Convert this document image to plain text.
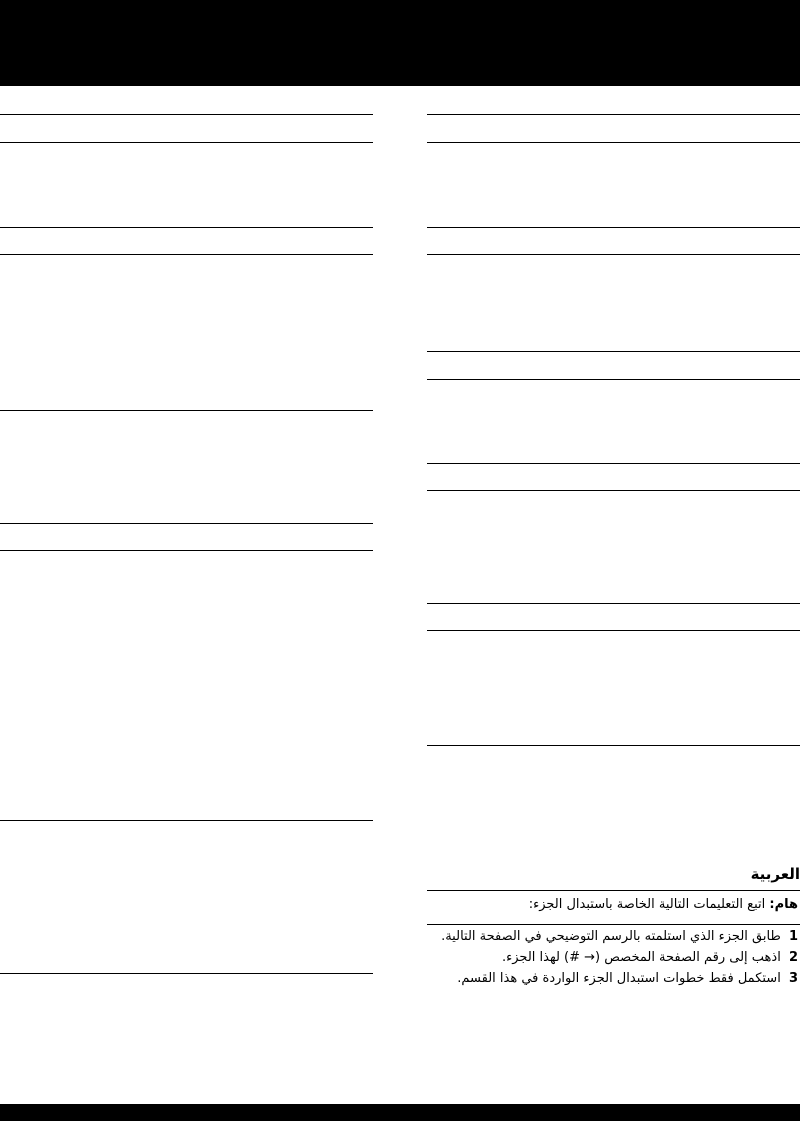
العربية
هام: اتبع التعليمات التالية الخاصة باستبدال الجزء:
1 طابق الجزء الذي استلمته بالرسم التوضيحي في الصفحة التالية.
2 اذهب إلى رقم الصفحة المخصص (→ #) لهذا الجزء.
3 استكمل فقط خطوات استبدال الجزء الواردة في هذا القسم.
